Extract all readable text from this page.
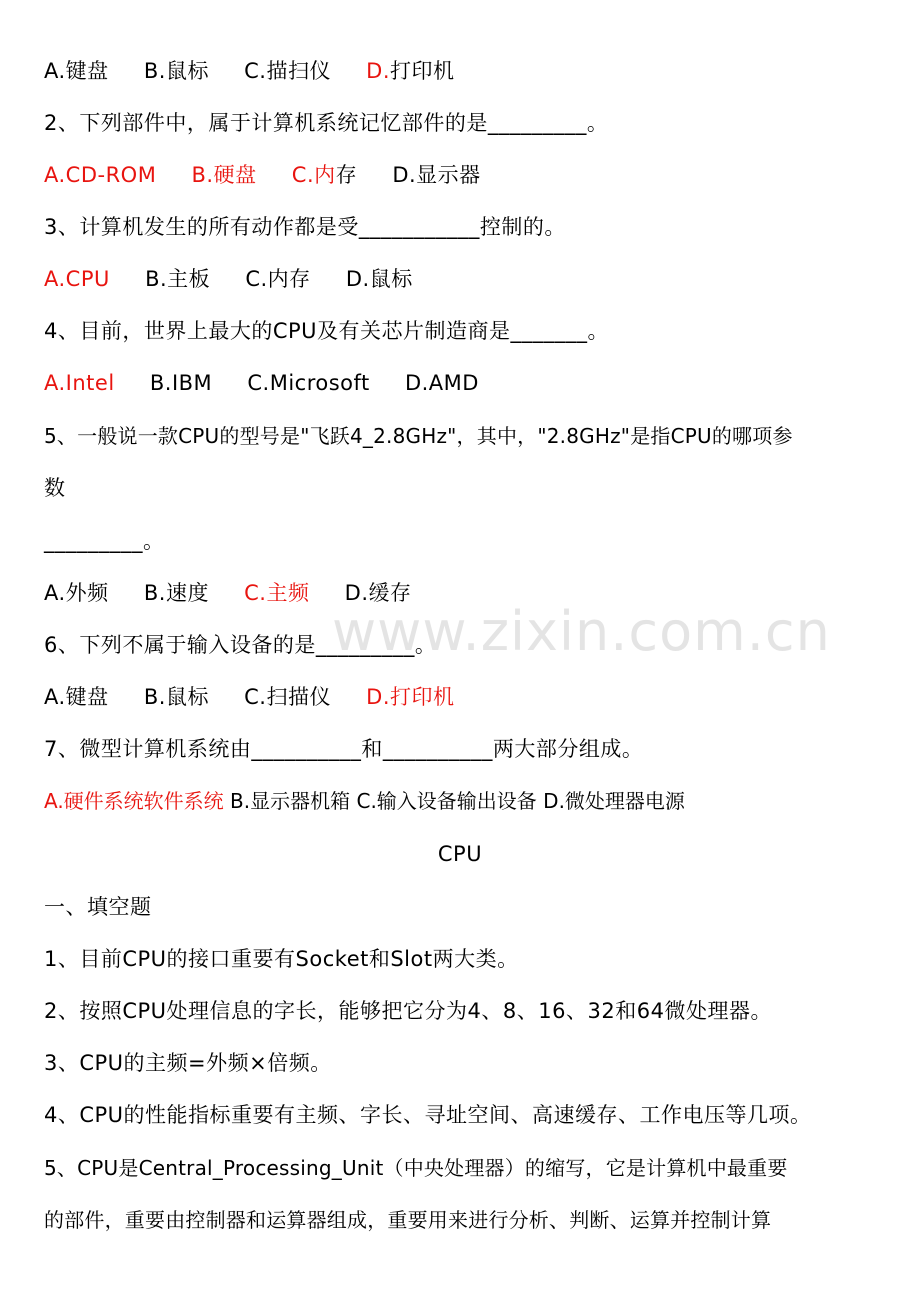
www.zixin.com.cn
A.键盘 B.鼠标 C.描扫仪 D.打印机
2、下列部件中，属于计算机系统记忆部件的是_________。
A.CD-ROM B.硬盘 C.内存 D.显示器
3、计算机发生的所有动作都是受___________控制的。
A.CPU B.主板 C.内存 D.鼠标
4、目前，世界上最大的CPU及有关芯片制造商是_______。
A.Intel B.IBM C.Microsoft D.AMD
5、一般说一款CPU的型号是"飞跃4_2.8GHz"，其中，"2.8GHz"是指CPU的哪项参
数
_________。
A.外频 B.速度 C.主频 D.缓存
6、下列不属于输入设备的是_________。
A.键盘 B.鼠标 C.扫描仪 D.打印机
7、微型计算机系统由__________和__________两大部分组成。
A.硬件系统软件系统 B.显示器机箱 C.输入设备输出设备 D.微处理器电源
CPU
一、填空题
1、目前CPU的接口重要有Socket和Slot两大类。
2、按照CPU处理信息的字长，能够把它分为4、8、16、32和64微处理器。
3、CPU的主频=外频×倍频。
4、CPU的性能指标重要有主频、字长、寻址空间、高速缓存、工作电压等几项。
5、CPU是Central_Processing_Unit（中央处理器）的缩写，它是计算机中最重要
的部件，重要由控制器和运算器组成，重要用来进行分析、判断、运算并控制计算
